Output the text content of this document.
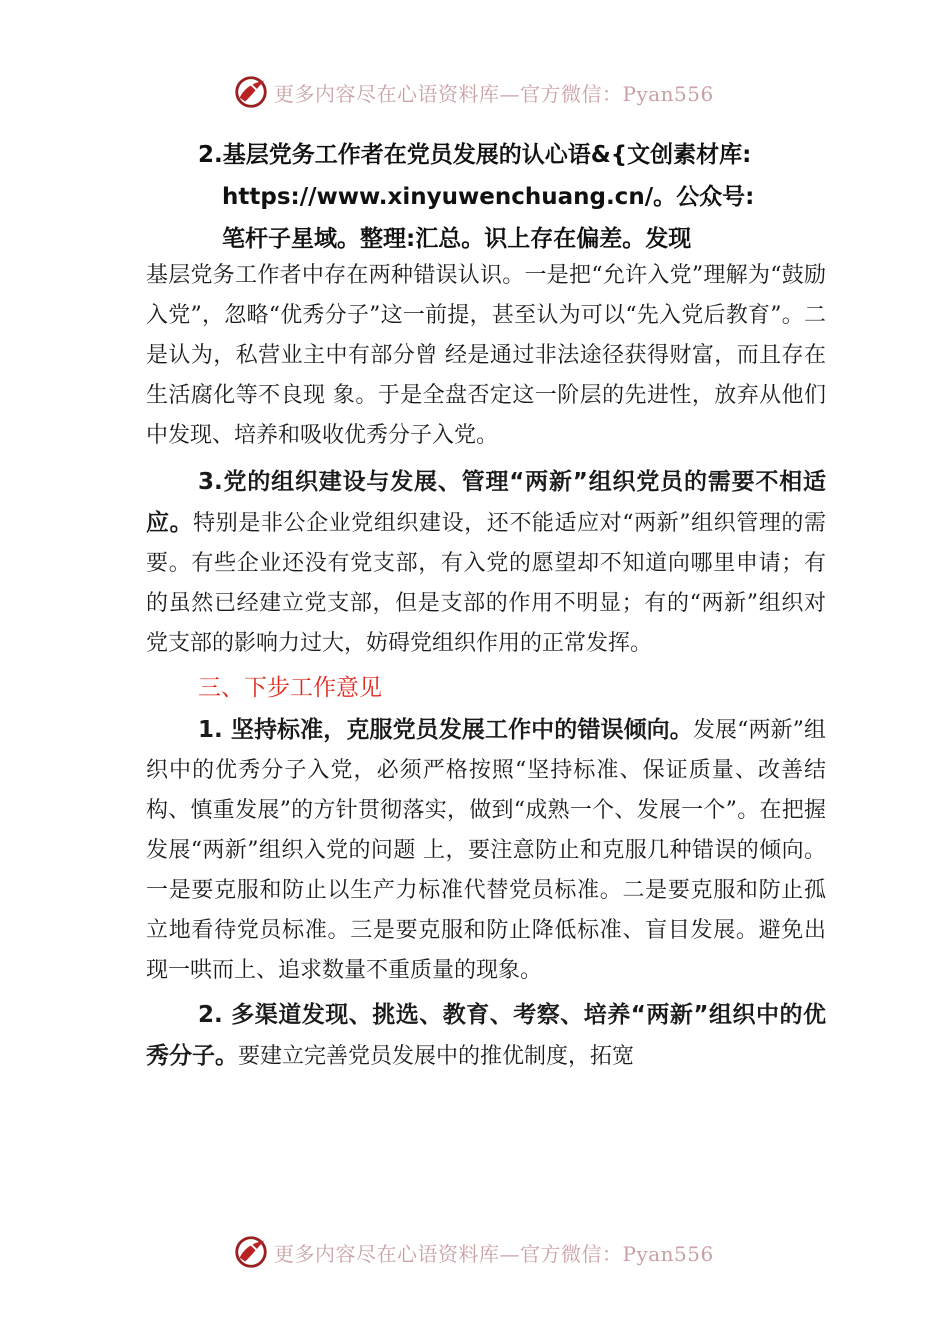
更多内容尽在心语资料库—官方微信：Pyan556
2.基层党务工作者在党员发展的认心语&{文创素材库:
https://www.xinyuwenchuang.cn/。公众号:
笔杆子星域。整理:汇总。识上存在偏差。发现

基层党务工作者中存在两种错误认识。一是把“允许入党”理解为“鼓励入党”，忽略“优秀分子”这一前提，甚至认为可以“先入党后教育”。二是认为，私营业主中有部分曾 经是通过非法途径获得财富，而且存在生活腐化等不良现 象。于是全盘否定这一阶层的先进性，放弃从他们中发现、培养和吸收优秀分子入党。

3.党的组织建设与发展、管理“两新”组织党员的需要不相适应。特别是非公企业党组织建设，还不能适应对“两新”组织管理的需要。有些企业还没有党支部，有入党的愿望却不知道向哪里申请；有的虽然已经建立党支部，但是支部的作用不明显；有的“两新”组织对党支部的影响力过大，妨碍党组织作用的正常发挥。

三、下步工作意见

1. 坚持标准，克服党员发展工作中的错误倾向。发展“两新”组织中的优秀分子入党，必须严格按照“坚持标准、保证质量、改善结构、慎重发展”的方针贯彻落实，做到“成熟一个、发展一个”。在把握发展“两新”组织入党的问题 上，要注意防止和克服几种错误的倾向。一是要克服和防止以生产力标准代替党员标准。二是要克服和防止孤立地看待党员标准。三是要克服和防止降低标准、盲目发展。避免出现一哄而上、追求数量不重质量的现象。

2. 多渠道发现、挑选、教育、考察、培养“两新”组织中的优秀分子。要建立完善党员发展中的推优制度，拓宽

更多内容尽在心语资料库—官方微信：Pyan556
